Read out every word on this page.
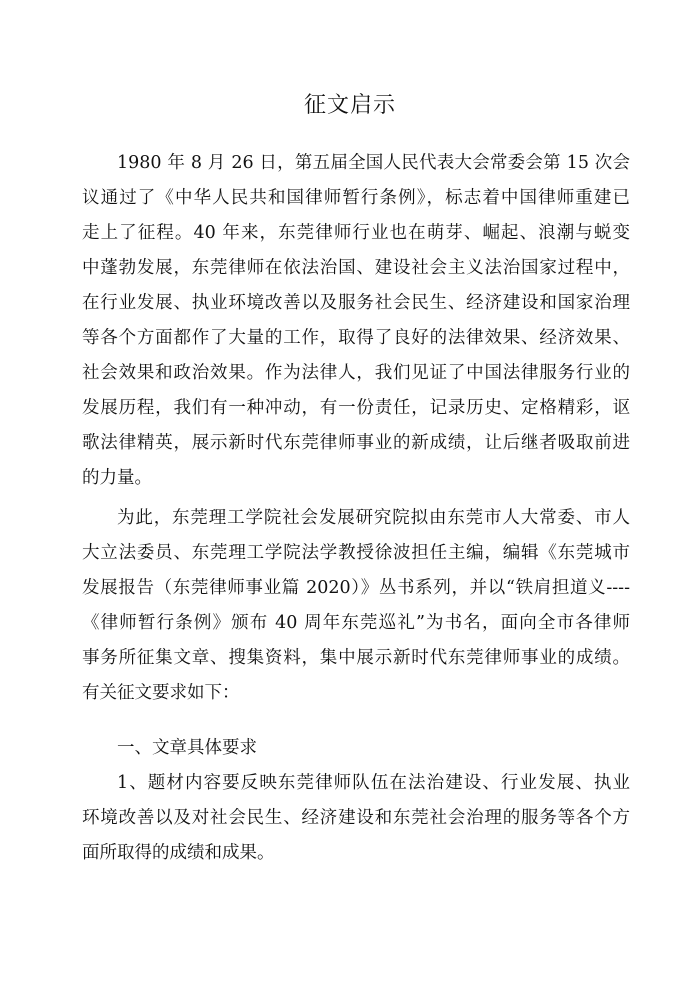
征文启示
1980 年 8 月 26 日，第五届全国人民代表大会常委会第 15 次会
议通过了《中华人民共和国律师暂行条例》，标志着中国律师重建已
走上了征程。40 年来，东莞律师行业也在萌芽、崛起、浪潮与蜕变
中蓬勃发展，东莞律师在依法治国、建设社会主义法治国家过程中，
在行业发展、执业环境改善以及服务社会民生、经济建设和国家治理
等各个方面都作了大量的工作，取得了良好的法律效果、经济效果、
社会效果和政治效果。作为法律人，我们见证了中国法律服务行业的
发展历程，我们有一种冲动，有一份责任，记录历史、定格精彩，讴
歌法律精英，展示新时代东莞律师事业的新成绩，让后继者吸取前进
的力量。
为此，东莞理工学院社会发展研究院拟由东莞市人大常委、市人
大立法委员、东莞理工学院法学教授徐波担任主编，编辑《东莞城市
发展报告（东莞律师事业篇 2020）》丛书系列，并以“铁肩担道义----
《律师暂行条例》颁布 40 周年东莞巡礼”为书名，面向全市各律师
事务所征集文章、搜集资料，集中展示新时代东莞律师事业的成绩。
有关征文要求如下：
一、文章具体要求
1、题材内容要反映东莞律师队伍在法治建设、行业发展、执业
环境改善以及对社会民生、经济建设和东莞社会治理的服务等各个方
面所取得的成绩和成果。
